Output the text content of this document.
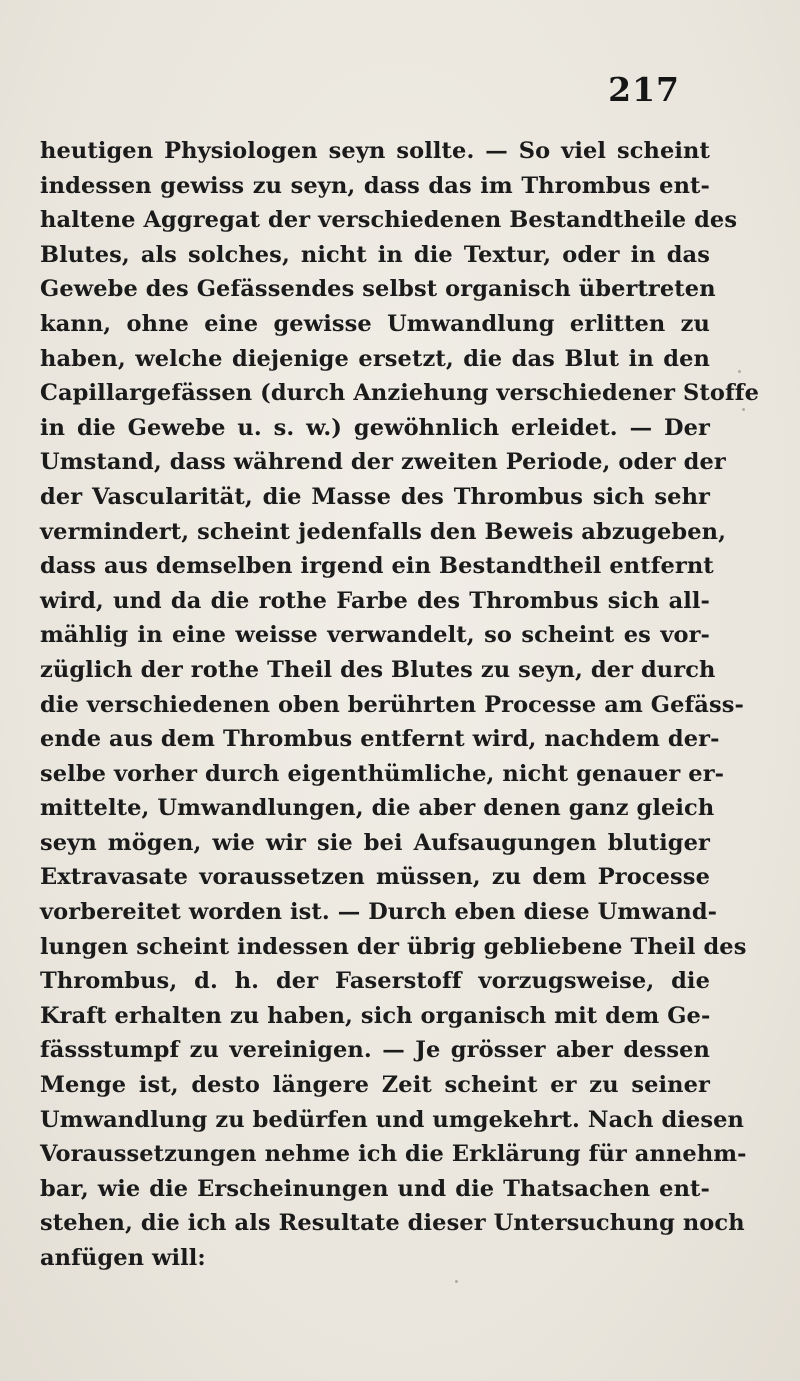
217
heutigen Physiologen seyn sollte. — So viel scheint
indessen gewiss zu seyn, dass das im Thrombus ent-
haltene Aggregat der verschiedenen Bestandtheile des
Blutes, als solches, nicht in die Textur, oder in das
Gewebe des Gefässendes selbst organisch übertreten
kann, ohne eine gewisse Umwandlung erlitten zu
haben, welche diejenige ersetzt, die das Blut in den
Capillargefässen (durch Anziehung verschiedener Stoffe
in die Gewebe u. s. w.) gewöhnlich erleidet. — Der
Umstand, dass während der zweiten Periode, oder der
der Vascularität, die Masse des Thrombus sich sehr
vermindert, scheint jedenfalls den Beweis abzugeben,
dass aus demselben irgend ein Bestandtheil entfernt
wird, und da die rothe Farbe des Thrombus sich all-
mählig in eine weisse verwandelt, so scheint es vor-
züglich der rothe Theil des Blutes zu seyn, der durch
die verschiedenen oben berührten Processe am Gefäss-
ende aus dem Thrombus entfernt wird, nachdem der-
selbe vorher durch eigenthümliche, nicht genauer er-
mittelte, Umwandlungen, die aber denen ganz gleich
seyn mögen, wie wir sie bei Aufsaugungen blutiger
Extravasate voraussetzen müssen, zu dem Processe
vorbereitet worden ist. — Durch eben diese Umwand-
lungen scheint indessen der übrig gebliebene Theil des
Thrombus, d. h. der Faserstoff vorzugsweise, die
Kraft erhalten zu haben, sich organisch mit dem Ge-
fässstumpf zu vereinigen. — Je grösser aber dessen
Menge ist, desto längere Zeit scheint er zu seiner
Umwandlung zu bedürfen und umgekehrt. Nach diesen
Voraussetzungen nehme ich die Erklärung für annehm-
bar, wie die Erscheinungen und die Thatsachen ent-
stehen, die ich als Resultate dieser Untersuchung noch
anfügen will:
